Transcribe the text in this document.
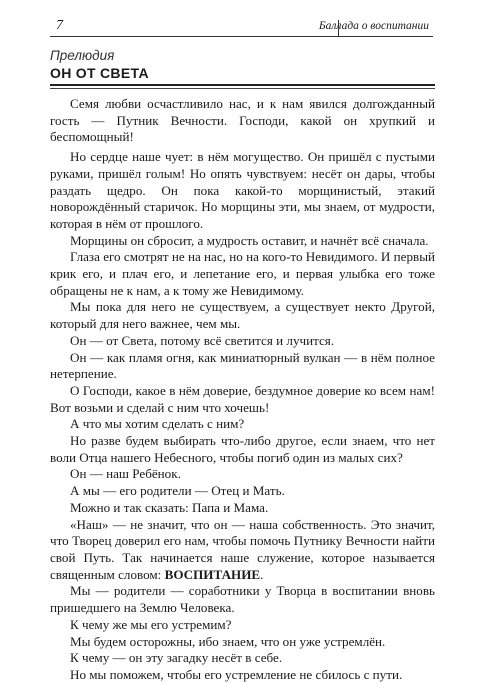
7	Баллада о воспитании
Прелюдия
ОН ОТ СВЕТА

Семя любви осчастливило нас, и к нам явился долгожданный гость — Путник Вечности. Господи, какой он хрупкий и беспомощный!

Но сердце наше чует: в нём могущество. Он пришёл с пустыми руками, пришёл голым! Но опять чувствуем: несёт он дары, чтобы раздать щедро. Он пока какой-то морщинистый, этакий новорождённый старичок. Но морщины эти, мы знаем, от мудрости, которая в нём от прошлого.

Морщины он сбросит, а мудрость оставит, и начнёт всё сначала.

Глаза его смотрят не на нас, но на кого-то Невидимого. И первый крик его, и плач его, и лепетание его, и первая улыбка его тоже обращены не к нам, а к тому же Невидимому.

Мы пока для него не существуем, а существует некто Другой, который для него важнее, чем мы.

Он — от Света, потому всё светится и лучится.

Он — как пламя огня, как миниатюрный вулкан — в нём полное нетерпение.

О Господи, какое в нём доверие, бездумное доверие ко всем нам! Вот возьми и сделай с ним что хочешь!

А что мы хотим сделать с ним?

Но разве будем выбирать что-либо другое, если знаем, что нет воли Отца нашего Небесного, чтобы погиб один из малых сих?

Он — наш Ребёнок.

А мы — его родители — Отец и Мать.

Можно и так сказать: Папа и Мама.

«Наш» — не значит, что он — наша собственность. Это значит, что Творец доверил его нам, чтобы помочь Путнику Вечности найти свой Путь. Так начинается наше служение, которое называется священным словом: ВОСПИТАНИЕ.

Мы — родители — соработники у Творца в воспитании вновь пришедшего на Землю Человека.

К чему же мы его устремим?

Мы будем осторожны, ибо знаем, что он уже устремлён.

К чему — он эту загадку несёт в себе.

Но мы поможем, чтобы его устремление не сбилось с пути.
